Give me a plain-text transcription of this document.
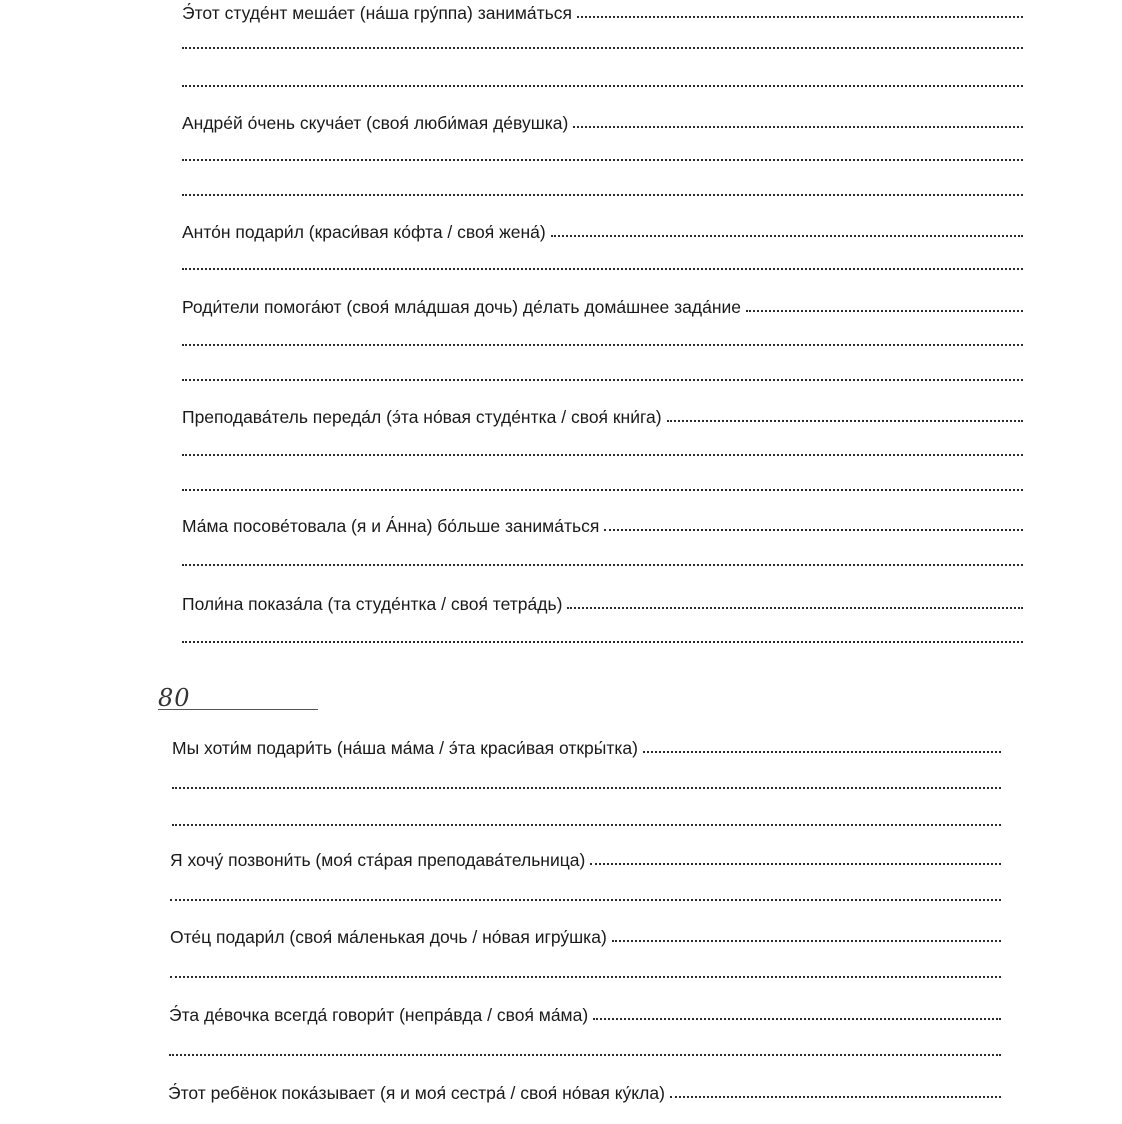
Э́тот студе́нт меша́ет (на́ша гру́ппа) занима́ться
Андре́й о́чень скуча́ет (своя́ люби́мая де́вушка)
Анто́н подари́л (краси́вая ко́фта / своя́ жена́)
Роди́тели помога́ют (своя́ мла́дшая дочь) де́лать дома́шнее зада́ние
Преподава́тель переда́л (э́та но́вая студе́нтка / своя́ кни́га)
Ма́ма посове́товала (я и А́нна) бо́льше занима́ться
Поли́на показа́ла (та студе́нтка / своя́ тетра́дь)
80
Мы хоти́м подари́ть (на́ша ма́ма / э́та краси́вая откры́тка)
Я хочу́ позвони́ть (моя́ ста́рая преподава́тельница)
Оте́ц подари́л (своя́ ма́ленькая дочь / но́вая игру́шка)
Э́та де́вочка всегда́ говори́т (непра́вда / своя́ ма́ма)
Э́тот ребёнок пока́зывает (я и моя́ сестра́ / своя́ но́вая ку́кла)
